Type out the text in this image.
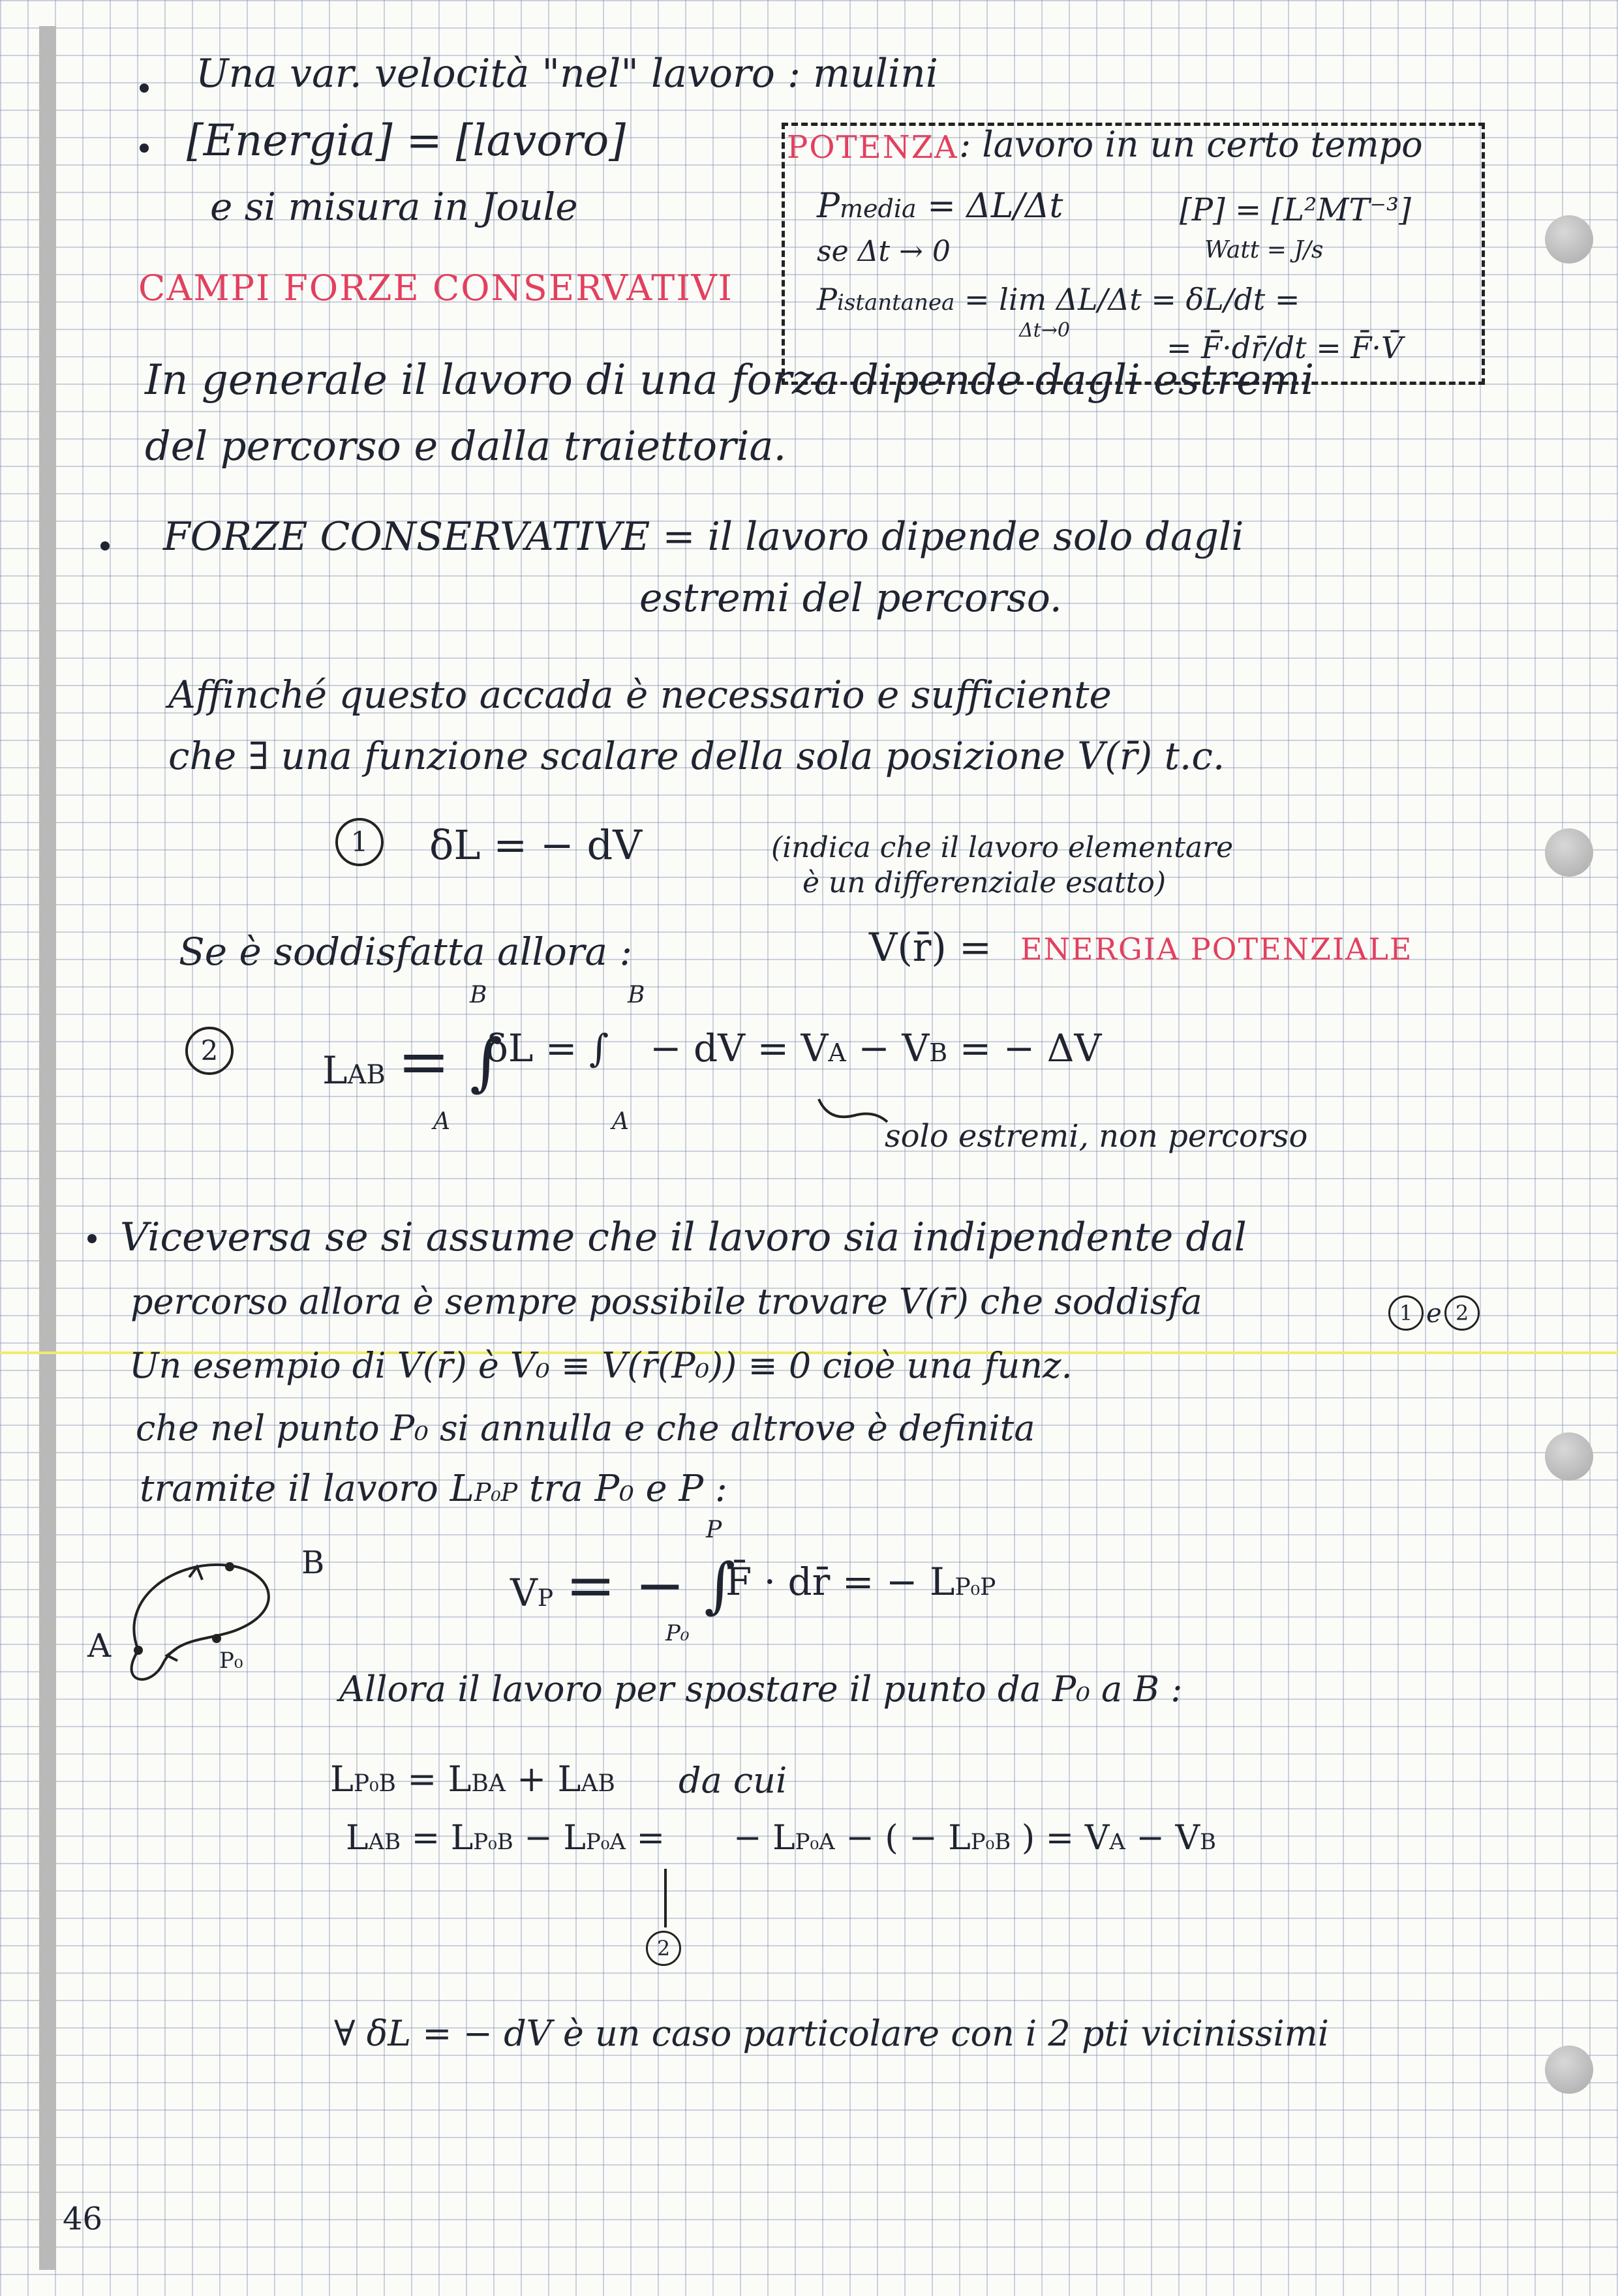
Una var. velocità "nel" lavoro : mulini
[Energia] = [lavoro]
e si misura in Joule
CAMPI FORZE CONSERVATIVI
POTENZA : lavoro in un certo tempo
Pmedia = ΔL/Δt	[P] = [L²MT⁻³]
Watt = J/s
se Δt → 0
Pistantanea = lim ΔL/Δt = δL/dt =
Δt→0	= F̄·dr̄/dt = F̄·V̄
In generale il lavoro di una forza dipende dagli estremi
del percorso e dalla traiettoria.
FORZE CONSERVATIVE = il lavoro dipende solo dagli
estremi del percorso.
Affinché questo accada è necessario e sufficiente
che ∃ una funzione scalare della sola posizione V(r̄) t.c.
1	δL = − dV	(indica che il lavoro elementare
è un differenziale esatto)
Se è soddisfatta allora :	V(r̄) = ENERGIA POTENZIALE
2	LAB = ∫
B
A
δL = ∫
B
A
− dV = VA − VB = − ΔV
solo estremi, non percorso
Viceversa se si assume che il lavoro sia indipendente dal
percorso allora è sempre possibile trovare V(r̄) che soddisfa	1 e 2
Un esempio di V(r̄) è V₀ ≡ V(r̄(P₀)) ≡ 0 cioè una funz.
che nel punto P₀ si annulla e che altrove è definita
tramite il lavoro LP₀P tra P₀ e P :
A
B
P₀
VP = − ∫
P
P₀
F̄ · dr̄ = − LP₀P
Allora il lavoro per spostare il punto da P₀ a B :
LP₀B = LBA + LAB da cui
LAB = LP₀B − LP₀A = − LP₀A − ( − LP₀B ) = VA − VB
2
∀ δL = − dV è un caso particolare con i 2 pti vicinissimi
46
